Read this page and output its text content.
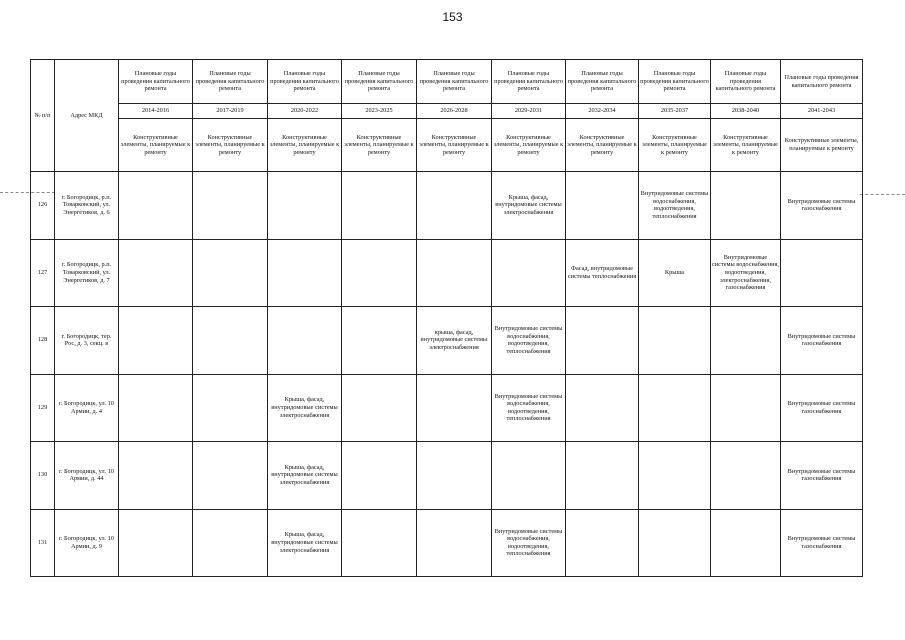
153
№ п/п	Адрес МКД	Плановые годы проведения капитального ремонта	Плановые годы проведения капитального ремонта	Плановые годы проведения капитального ремонта	Плановые годы проведения капитального ремонта	Плановые годы проведения капитального ремонта	Плановые годы проведения капитального ремонта	Плановые годы проведения капитального ремонта	Плановые годы проведения капитального ремонта	Плановые годы проведения капитального ремонта	Плановые годы проведения капитального ремонта
		2014-2016	2017-2019	2020-2022	2023-2025	2026-2028	2029-2031	2032-2034	2035-2037	2038-2040	2041-2043
		Конструктивные элементы, планируемые к ремонту	Конструктивные элементы, планируемые к ремонту	Конструктивные элементы, планируемые к ремонту	Конструктивные элементы, планируемые к ремонту	Конструктивные элементы, планируемые к ремонту	Конструктивные элементы, планируемые к ремонту	Конструктивные элементы, планируемые к ремонту	Конструктивные элементы, планируемые к ремонту	Конструктивные элементы, планируемые к ремонту	Конструктивные элементы, планируемые к ремонту
126	г. Богородицк, р.п. Товарковский, ул. Энергетиков, д. 6						Крыша, фасад, внутридомовые системы электроснабжения		Внутридомовые системы водоснабжения, водоотведения, теплоснабжения		Внутридомовые системы газоснабжения
127	г. Богородицк, р.п. Товарковский, ул. Энергетиков, д. 7							Фасад, внутридомовые системы теплоснабжения	Крыша	Внутридомовые системы водоснабжения, водоотведения, электроснабжения, газоснабжения	
128	г. Богородицк, тер. Рос, д. 3, секц. в					крыша, фасад, внутридомовые системы электроснабжения	Внутридомовые системы водоснабжения, водоотведения, теплоснабжения				Внутридомовые системы газоснабжения
129	г. Богородицк, ул. 10 Армии, д. 4			Крыша, фасад, внутридомовые системы электроснабжения			Внутридомовые системы водоснабжения, водоотведения, теплоснабжения				Внутридомовые системы газоснабжения
130	г. Богородицк, ул. 10 Армии, д. 44			Крыша, фасад, внутридомовые системы электроснабжения							Внутридомовые системы газоснабжения
131	г. Богородицк, ул. 10 Армии, д. 9			Крыша, фасад, внутридомовые системы электроснабжения			Внутридомовые системы водоснабжения, водоотведения, теплоснабжения				Внутридомовые системы газоснабжения
